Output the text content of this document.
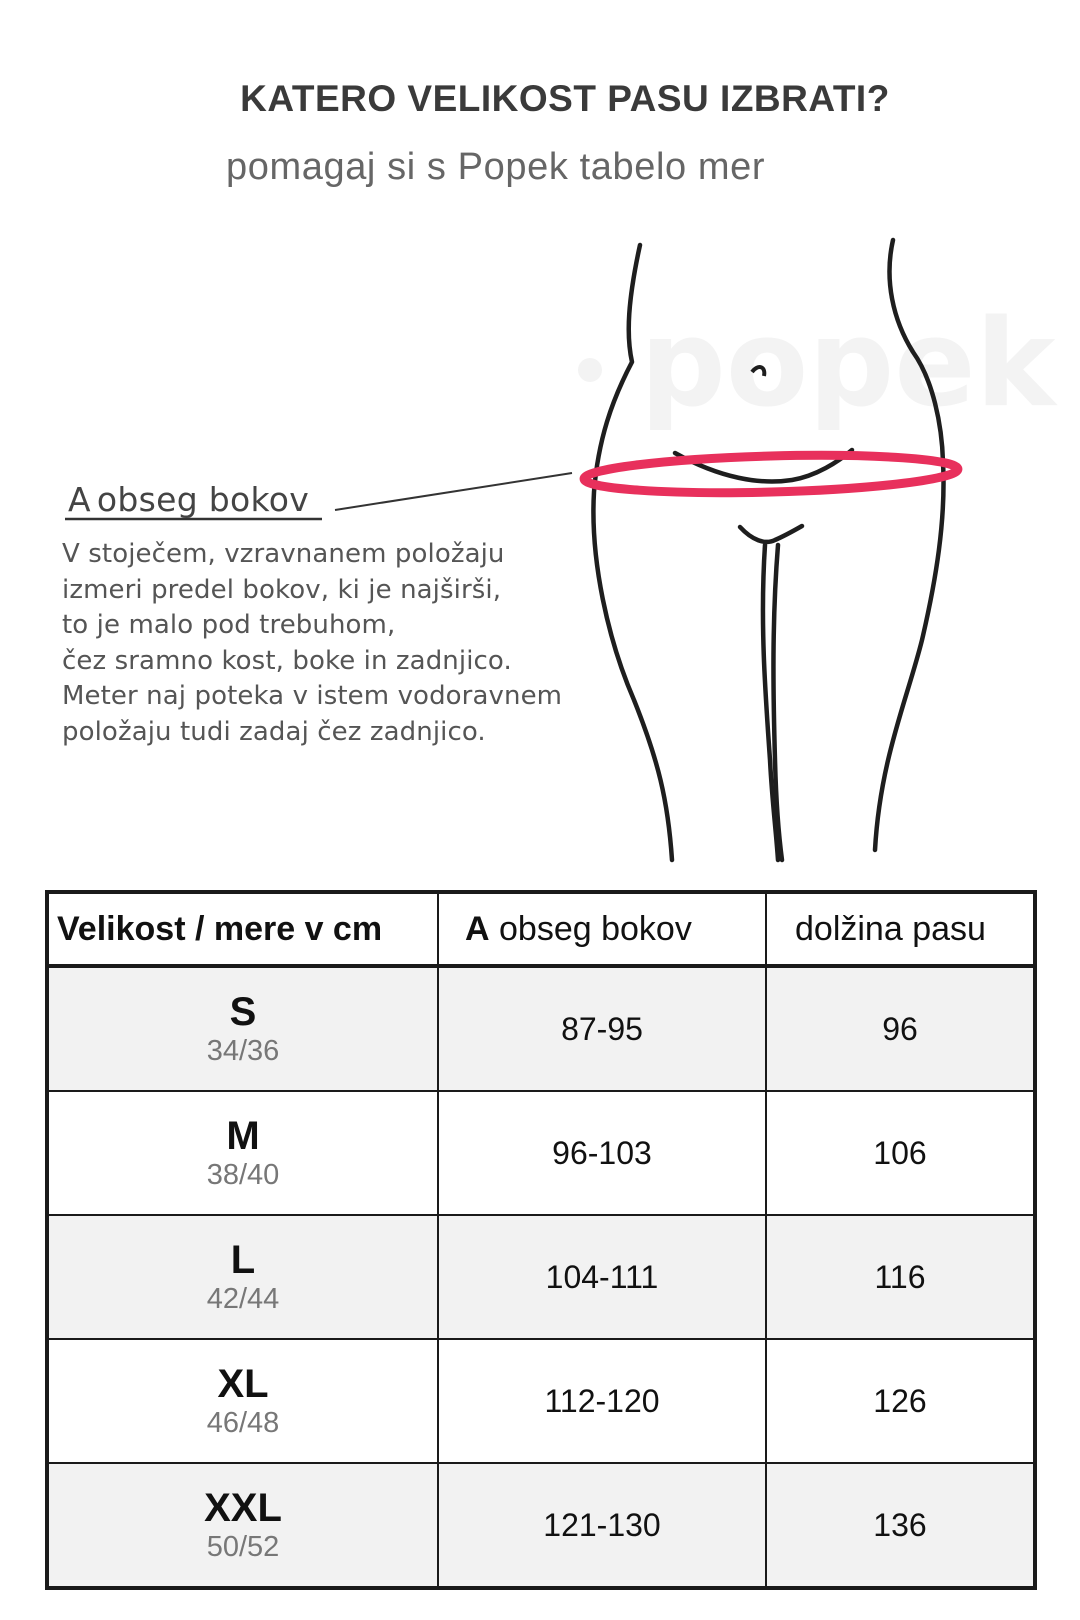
KATERO VELIKOST PASU IZBRATI?
pomagaj si s Popek tabelo mer
popek
A obseg bokov
V stoječem, vzravnanem položaju
izmeri predel bokov, ki je najširši,
to je malo pod trebuhom,
čez sramno kost, boke in zadnjico.
Meter naj poteka v istem vodoravnem
položaju tudi zadaj čez zadnjico.
Velikost / mere v cm	A obseg bokov	dolžina pasu

S
34/36	87-95	96

M
38/40	96-103	106

L
42/44	104-111	116

XL
46/48	112-120	126

XXL
50/52	121-130	136
